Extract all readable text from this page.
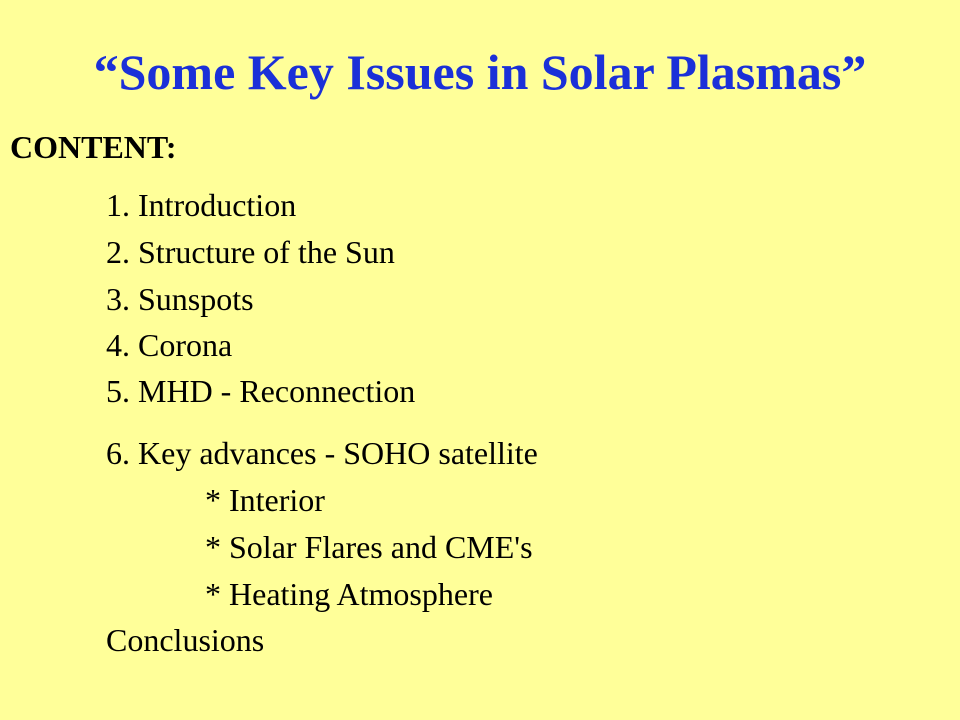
“Some Key Issues in Solar Plasmas”
CONTENT:
1. Introduction
2. Structure of the Sun
3. Sunspots
4. Corona
5. MHD - Reconnection
6. Key advances - SOHO satellite
* Interior
* Solar Flares and CME's
* Heating Atmosphere
Conclusions
